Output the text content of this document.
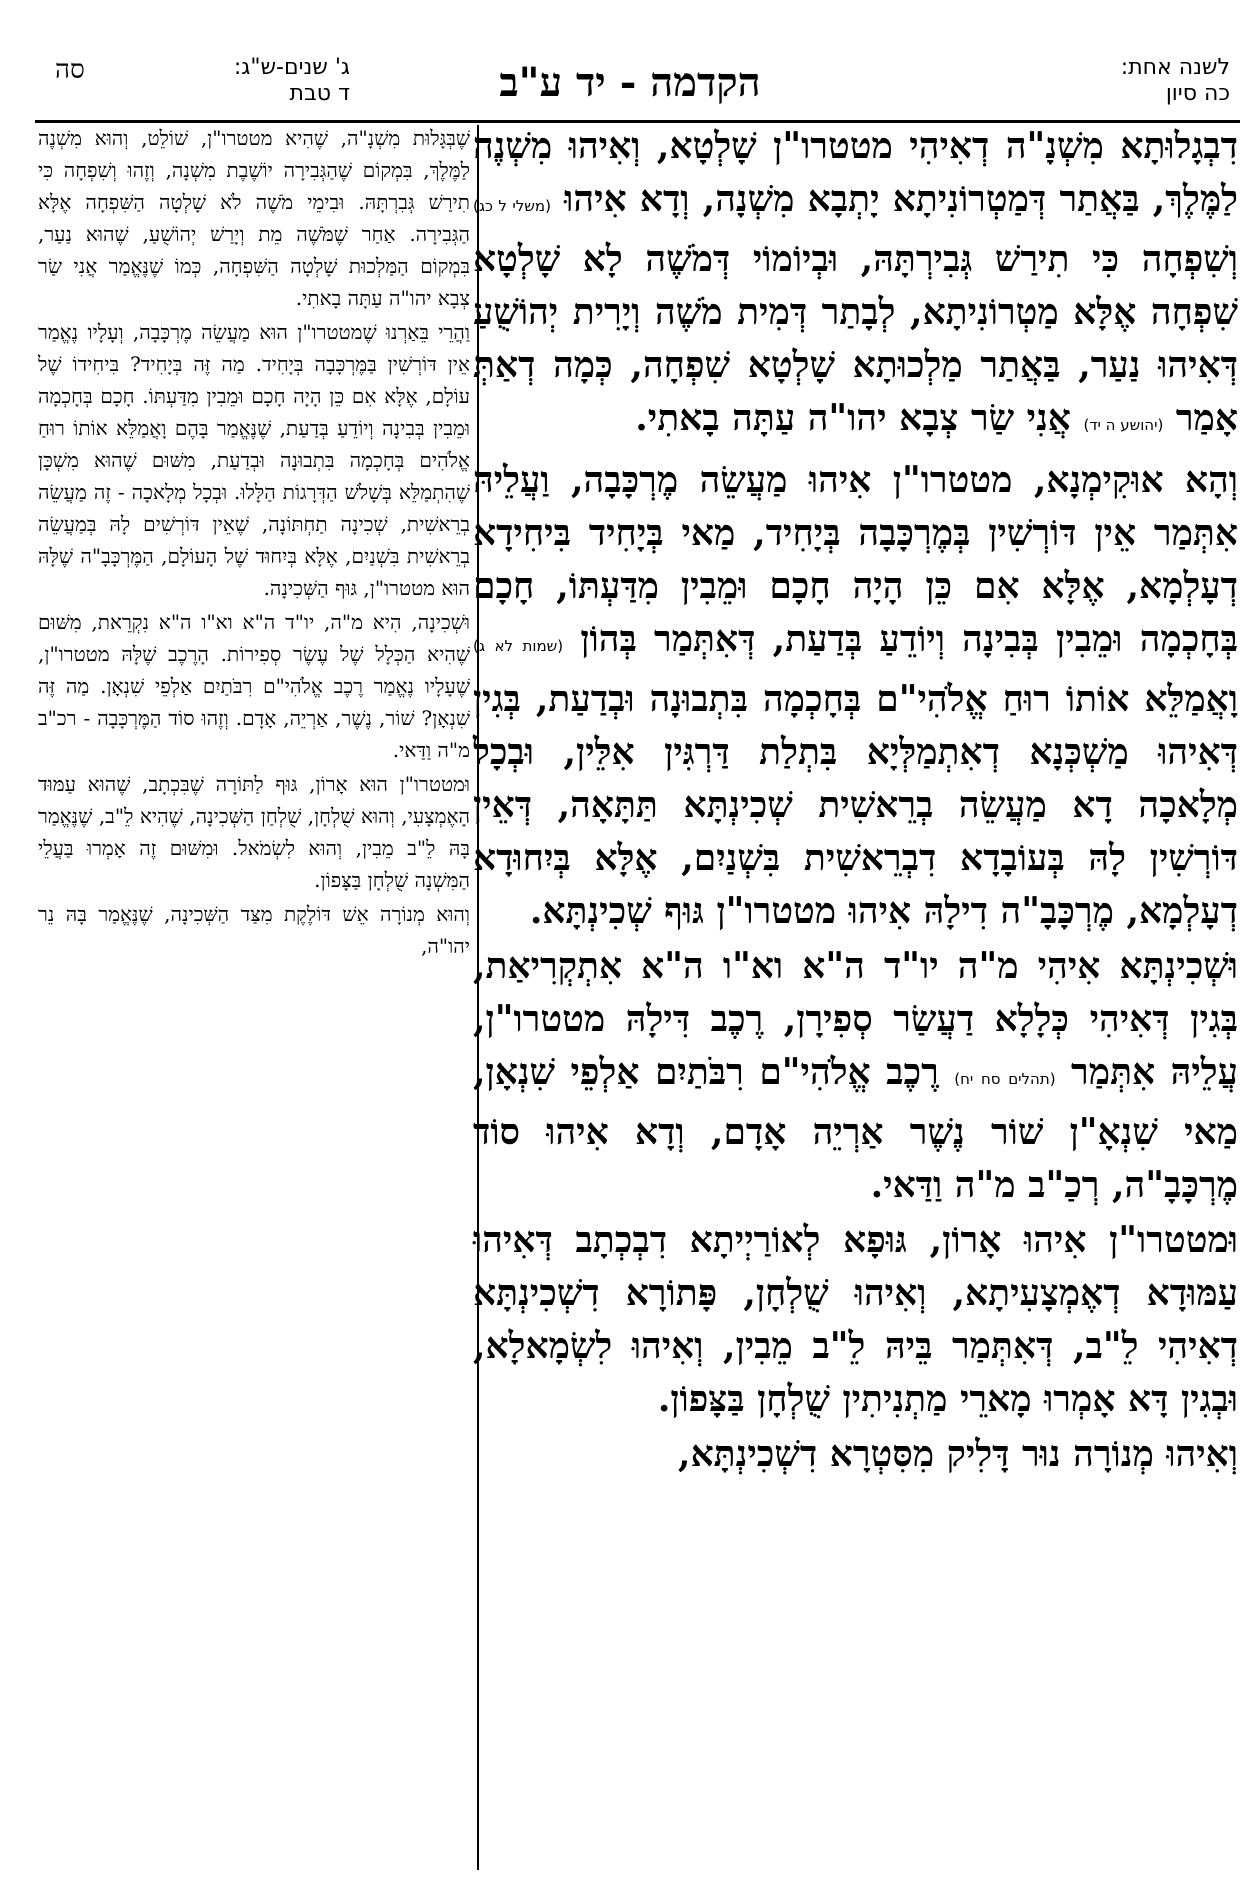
לשנה אחת:
כה סיון
הקדמה - יד ע"ב
ג' שנים-ש"ג:
ד טבת
סה

דִבְגָלוּתָא מִשְׁנָ"ה דְאִיהִי מטטרו"ן שָׁלְטָא, וְאִיהוּ מִשְׁנֶה לַמֶּלֶךְ, בַּאֲתַר דְּמַטְרוֹנִיתָא יָתְבָא מִשְׁנָה, וְדָא אִיהוּ (משלי ל כג) וְשִׁפְחָה כִּי תִירַשׁ גְּבִירְתָּהּ, וּבְיוֹמוֹי דְּמֹשֶׁה לָא שָׁלְטָא שִׁפְחָה אֶלָּא מַטְרוֹנִיתָא, לְבָתַר דְּמִית מֹשֶׁה וְיָרִית יְהוֹשֻׁעַ דְּאִיהוּ נַעַר, בַּאֲתַר מַלְכוּתָא שָׁלְטָא שִׁפְחָה, כְּמָה דְאַתְּ אָמַר (יהושע ה יד) אֲנִי שַׂר צְבָא יהו"ה עַתָּה בָאתִי.

וְהָא אוּקִימְנָא, מטטרו"ן אִיהוּ מַעֲשֵׂה מֶרְכָּבָה, וַעֲלֵיהּ אִתְּמַר אֵין דּוֹרְשִׁין בְּמֶרְכָּבָה בְּיָחִיד, מַאי בְּיָחִיד בִּיחִידָא דְעָלְמָא, אֶלָּא אִם כֵּן הָיָה חָכָם וּמֵבִין מִדַּעְתּוֹ, חָכָם בְּחָכְמָה וּמֵבִין בְּבִינָה וְיוֹדֵעַ בְּדַעַת, דְּאִתְּמַר בְּהוֹן (שמות לא ג) וָאֲמַלֵּא אוֹתוֹ רוּחַ אֱלֹהִי"ם בְּחָכְמָה בִּתְבוּנָה וּבְדַעַת, בְּגִין דְּאִיהוּ מַשְׁכְּנָא דְאִתְמַלְּיָא בִּתְלַת דַּרְגִּין אִלֵּין, וּבְכָל מְלָאכָה דָא מַעֲשֵׂה בְרֵאשִׁית שְׁכִינְתָּא תַּתָּאָה, דְּאֵין דּוֹרְשִׁין לָהּ בְּעוֹבָדָא דִבְרֵאשִׁית בִּשְׁנַיִם, אֶלָּא בְּיִחוּדָא דְעָלְמָא, מֶרְכָּבָ"ה דִילָהּ אִיהוּ מטטרו"ן גּוּף שְׁכִינְתָּא.

וּשְׁכִינְתָּא אִיהִי מ"ה יו"ד ה"א וא"ו ה"א אִתְקְרִיאַת, בְּגִין דְּאִיהִי כְּלָלָא דַעֲשַׂר סְפִירָן, רֶכֶב דִּילָהּ מטטרו"ן, עֲלֵיהּ אִתְּמַר (תהלים סח יח) רֶכֶב אֱלֹהִי"ם רִבֹּתַיִם אַלְפֵי שִׁנְאָן, מַאי שִׁנְאָ"ן שׁוֹר נֶשֶׁר אַרְיֵה אָדָם, וְדָא אִיהוּ סוֹד מֶרְכָּבָ"ה, רְכַ"ב מ"ה וַדַּאי.

וּמטטרו"ן אִיהוּ אָרוֹן, גּוּפָא לְאוֹרַיְיתָא דִבְכְתָב דְּאִיהוּ עַמּוּדָא דְאֶמְצָעִיתָא, וְאִיהוּ שֻׁלְחָן, פָּתוֹרָא דִשְׁכִינְתָּא דְאִיהִי לֵ"ב, דְּאִתְּמַר בֵּיהּ לֵ"ב מֵבִין, וְאִיהוּ לִשְׂמָאלָא, וּבְגִין דָּא אָמְרוּ מָארֵי מַתְנִיתִין שֻׁלְחָן בַּצָּפוֹן.

וְאִיהוּ מְנוֹרָה נוּר דָּלִיק מִסִּטְרָא דִשְׁכִינְתָּא,

שֶׁבְּגָּלוּת מִשְׁנָ"ה, שֶׁהִיא מטטרו"ן, שׁוֹלֵט, וְהוּא מִשְׁנֶה לַמֶּלֶךְ, בִּמְקוֹם שֶׁהַגְּבִירָה יוֹשֶׁבֶת מִשְׁנָה, וְזֶהוּ וְשִׁפְחָה כִּי תִירַשׁ גְּבִרְתָּהּ. וּבִימֵי מֹשֶׁה לֹא שָׁלְטָה הַשִּׁפְחָה אֶלָּא הַגְּבִירָה. אַחַר שֶׁמֹּשֶׁה מֵת וְיָרַשׁ יְהוֹשֻׁעַ, שֶׁהוּא נַעַר, בִּמְקוֹם הַמַּלְכוּת שָׁלְטָה הַשִּׁפְחָה, כְּמוֹ שֶׁנֶּאֱמַר אֲנִי שַׂר צְבָא יהו"ה עַתָּה בָאתִי.

וַהֲרֵי בֵּאַרְנוּ שֶׁמטטרו"ן הוּא מַעֲשֵׂה מֶרְכָּבָה, וְעָלָיו נֶאֱמַר אֵין דּוֹרְשִׁין בַּמֶּרְכָּבָה בְּיָחִיד. מַה זֶּה בְּיָחִיד? בִּיחִידוֹ שֶׁל עוֹלָם, אֶלָּא אִם כֵּן הָיָה חָכָם וּמֵבִין מִדַּעְתּוֹ. חָכָם בְּחָכְמָה וּמֵבִין בְּבִינָה וְיוֹדֵעַ בְּדַעַת, שֶׁנֶּאֱמַר בָּהֶם וָאֲמַלֵּא אוֹתוֹ רוּחַ אֱלֹהִים בְּחָכְמָה בִּתְבוּנָה וּבְדַעַת, מִשּׁוּם שֶׁהוּא מִשְׁכָּן שֶׁהִתְמַלֵּא בְּשָׁלֹשׁ הַדְּרָגוֹת הַלָּלוּ. וּבְכָל מְלָאכָה - זֶה מַעֲשֵׂה בְרֵאשִׁית, שְׁכִינָה תַחְתּוֹנָה, שֶׁאֵין דּוֹרְשִׁים לָהּ בְּמַעֲשֵׂה בְרֵאשִׁית בִּשְׁנַיִם, אֶלָּא בְּיִחוּד שֶׁל הָעוֹלָם, הַמֶּרְכָּבָ"ה שֶׁלָּהּ הוּא מטטרו"ן, גּוּף הַשְּׁכִינָה.

וּשְׁכִינָה, הִיא מ"ה, יו"ד ה"א וא"ו ה"א נִקְרֵאת, מִשּׁוּם שֶׁהִיא הַכְּלָל שֶׁל עֶשֶׂר סְפִירוֹת. הָרֶכֶב שֶׁלָּהּ מטטרו"ן, שֶׁעָלָיו נֶאֱמַר רֶכֶב אֱלֹהִי"ם רִבֹּתַיִם אַלְפֵי שִׁנְאָן. מַה זֶּה שִׁנְאָן? שׁוֹר, נֶשֶׁר, אַרְיֵה, אָדָם. וְזֶהוּ סוֹד הַמֶּרְכָּבָה - רכ"ב מ"ה וַדַּאי.

וּמטטרו"ן הוּא אָרוֹן, גּוּף לַתּוֹרָה שֶׁבִּכְתָב, שֶׁהוּא עַמּוּד הָאֶמְצָעִי, וְהוּא שֻׁלְחָן, שֻׁלְחַן הַשְּׁכִינָה, שֶׁהִיא לֵ"ב, שֶׁנֶּאֱמַר בָּהּ לֵ"ב מֵבִין, וְהוּא לִשְׂמֹאל. וּמִשּׁוּם זֶה אָמְרוּ בַּעֲלֵי הַמִּשְׁנָה שֻׁלְחָן בַּצָּפוֹן.

וְהוּא מְנוֹרָה אֵשׁ דּוֹלֶקֶת מִצַּד הַשְּׁכִינָה, שֶׁנֶּאֱמַר בָּהּ נֵר יהו"ה,
